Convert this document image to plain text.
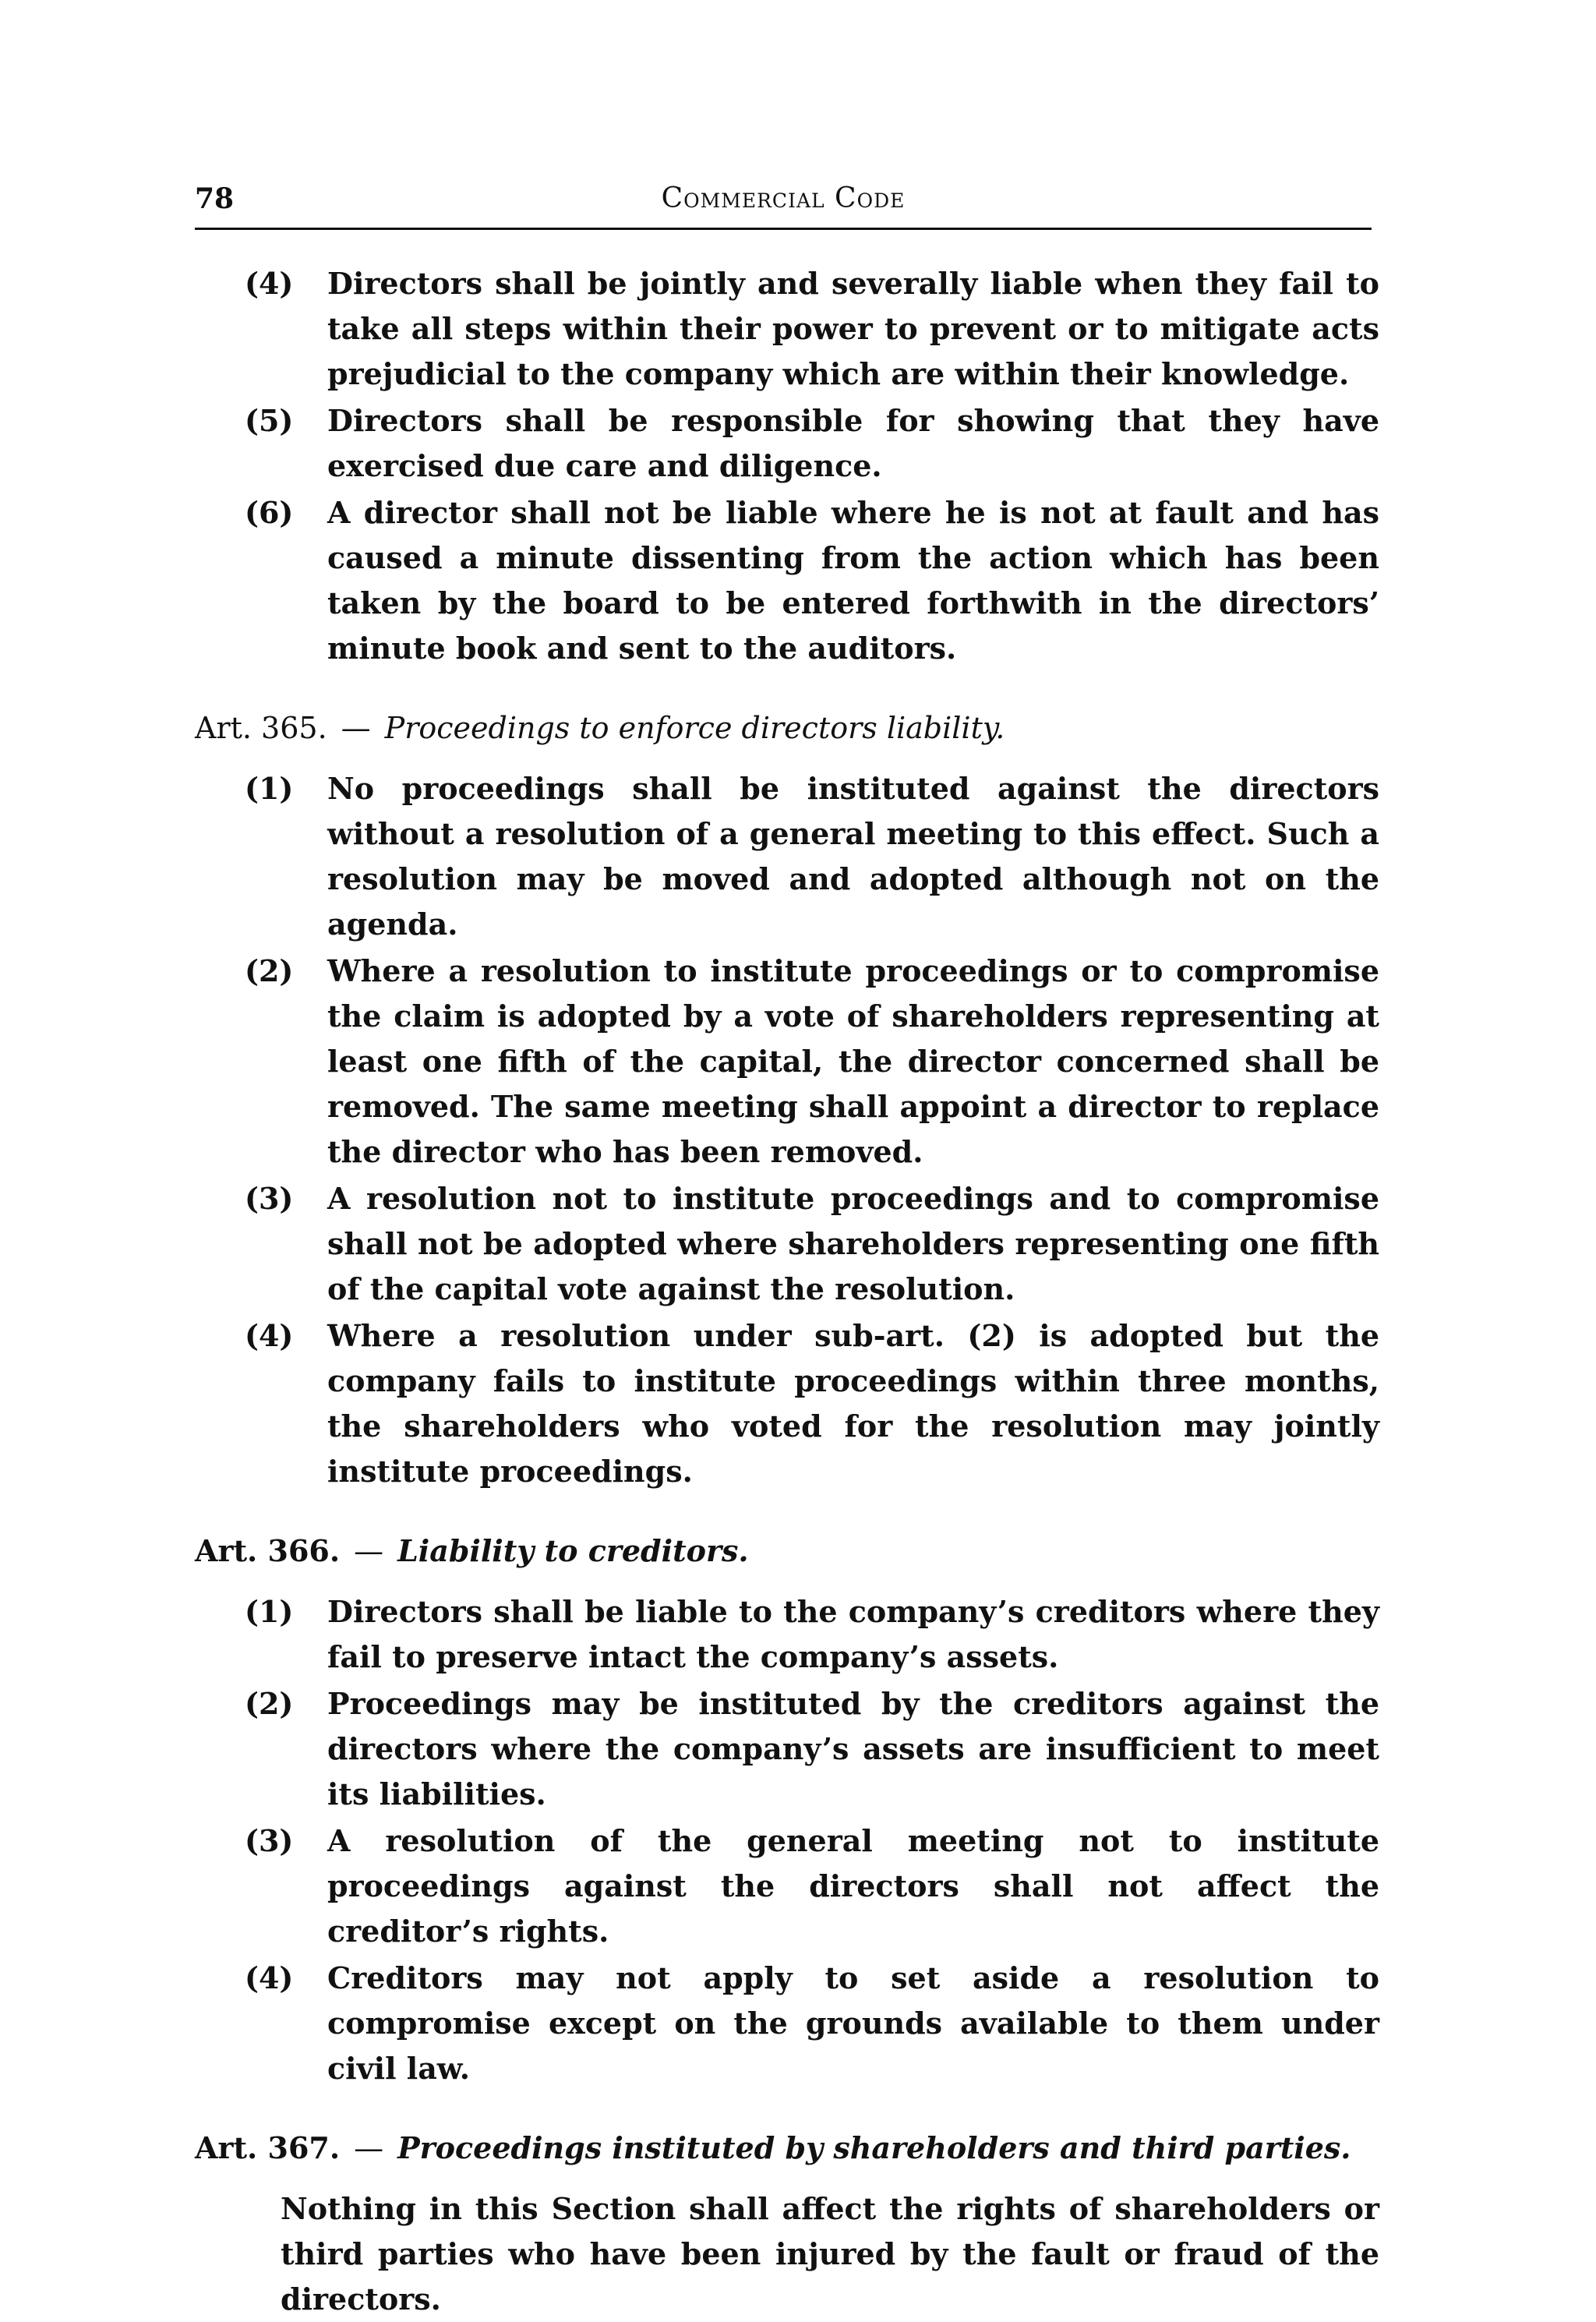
78	Commercial Code
(4)	Directors shall be jointly and severally liable when they fail to take all steps within their power to prevent or to mitigate acts prejudicial to the company which are within their knowledge.
(5)	Directors shall be responsible for showing that they have exercised due care and diligence.
(6)	A director shall not be liable where he is not at fault and has caused a minute dissenting from the action which has been taken by the board to be entered forthwith in the directors’ minute book and sent to the auditors.
Art. 365. — Proceedings to enforce directors liability.
(1)	No proceedings shall be instituted against the directors without a resolution of a general meeting to this effect. Such a resolution may be moved and adopted although not on the agenda.
(2)	Where a resolution to institute proceedings or to compromise the claim is adopted by a vote of shareholders representing at least one fifth of the capital, the director concerned shall be removed. The same meeting shall appoint a director to replace the director who has been removed.
(3)	A resolution not to institute proceedings and to compromise shall not be adopted where shareholders representing one fifth of the capital vote against the resolution.
(4)	Where a resolution under sub-art. (2) is adopted but the company fails to institute proceedings within three months, the shareholders who voted for the resolution may jointly institute proceedings.
Art. 366. — Liability to creditors.
(1)	Directors shall be liable to the company’s creditors where they fail to preserve intact the company’s assets.
(2)	Proceedings may be instituted by the creditors against the directors where the company’s assets are insufficient to meet its liabilities.
(3)	A resolution of the general meeting not to institute proceedings against the directors shall not affect the creditor’s rights.
(4)	Creditors may not apply to set aside a resolution to compromise except on the grounds available to them under civil law.
Art. 367. — Proceedings instituted by shareholders and third parties.
Nothing in this Section shall affect the rights of shareholders or third parties who have been injured by the fault or fraud of the directors.
